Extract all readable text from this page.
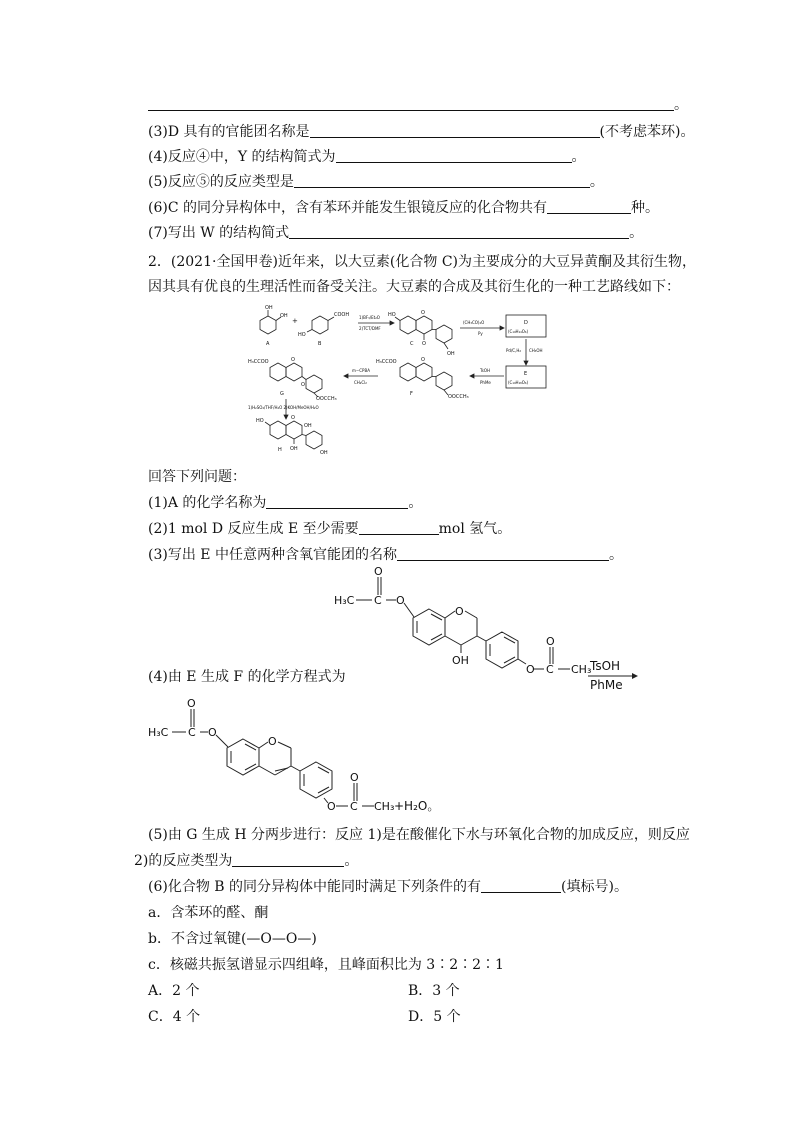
。
(3)D 具有的官能团名称是	(不考虑苯环)。
(4)反应④中，Y 的结构简式为	。
(5)反应⑤的反应类型是	。
(6)C 的同分异构体中，含有苯环并能发生银镜反应的化合物共有	种。
(7)写出 W 的结构简式	。
2．(2021·全国甲卷)近年来，以大豆素(化合物 C)为主要成分的大豆异黄酮及其衍生物，
因其具有优良的生理活性而备受关注。大豆素的合成及其衍生化的一种工艺路线如下：
OH
OH
+
COOH
HO
A	B
1)BF₃/Et₂O
2)TCT/DMF
HO	O
O
OH
C
(CH₃CO)₂O
Py
D
(C₁₉H₁₄O₆)
Pd/C,H₂ CH₃OH
E
(C₁₉H₁₈O₆)
TsOH
PhMe
H₃CCOO	O
OOCCH₃
F
m−CPBA
CH₂Cl₂
H₃CCOO	O
O
OOCCH₃
G
1)H₂SO₄/THF/H₂O 2)KOH/MeOH/H₂O
HO	O
OH
OH
OH
H
回答下列问题：
(1)A 的化学名称为	。
(2)1 mol D 反应生成 E 至少需要	mol 氢气。
(3)写出 E 中任意两种含氧官能团的名称	。
O
H₃C C O
O
OH
O
O C CH₃
TsOH
(4)由 E 生成 F 的化学方程式为	PhMe
O
H₃C C O
O
O
O C CH₃ +H₂O。
(5)由 G 生成 H 分两步进行：反应 1)是在酸催化下水与环氧化合物的加成反应，则反应
2)的反应类型为	。
(6)化合物 B 的同分异构体中能同时满足下列条件的有	(填标号)。
a．含苯环的醛、酮
b．不含过氧键(—O—O—)
c．核磁共振氢谱显示四组峰，且峰面积比为 3∶2∶2∶1
A．2 个	B．3 个
C．4 个	D．5 个
